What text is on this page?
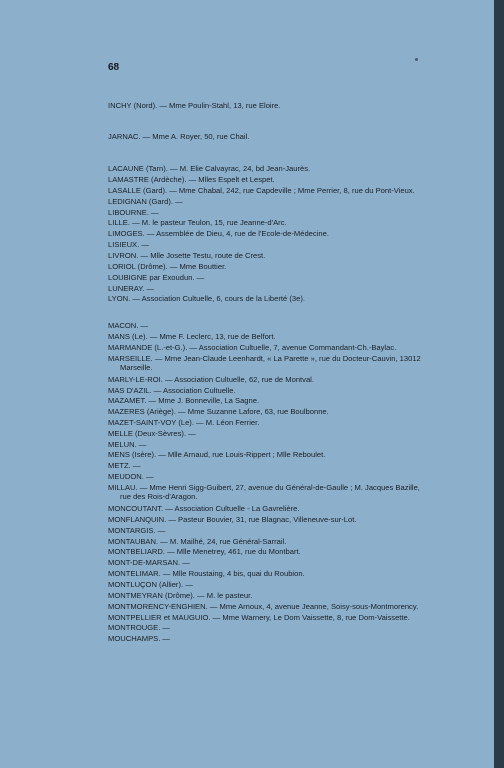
68
INCHY (Nord). — Mme Poulin-Stahl, 13, rue Eloire.
JARNAC. — Mme A. Royer, 50, rue Chail.
LACAUNE (Tarn). — M. Elie Calvayrac, 24, bd Jean-Jaurès.
LAMASTRE (Ardèche). — Mlles Espelt et Lespet.
LASALLE (Gard). — Mme Chabal, 242, rue Capdeville ; Mme Perrier, 8, rue du Pont-Vieux.
LEDIGNAN (Gard). —
LIBOURNE. —
LILLE. — M. le pasteur Teulon, 15, rue Jeanne-d'Arc.
LIMOGES. — Assemblée de Dieu, 4, rue de l'Ecole-de-Médecine.
LISIEUX. —
LIVRON. — Mlle Josette Testu, route de Crest.
LORIOL (Drôme). — Mme Bouttier.
LOUBIGNE par Exoudun. —
LUNERAY. —
LYON. — Association Cultuelle, 6, cours de la Liberté (3e).
MACON. —
MANS (Le). — Mme F. Leclerc, 13, rue de Belfort.
MARMANDE (L.-et-G.). — Association Cultuelle, 7, avenue Commandant-Ch.-Baylac.
MARSEILLE. — Mme Jean-Claude Leenhardt, « La Parette », rue du Docteur-Cauvin, 13012
Marseille.
MARLY-LE-ROI. — Association Cultuelle, 62, rue de Montval.
MAS D'AZIL. — Association Cultuelle.
MAZAMET. — Mme J. Bonneville, La Sagne.
MAZERES (Ariège). — Mme Suzanne Lafore, 63, rue Boulbonne.
MAZET-SAINT-VOY (Le). — M. Léon Ferrier.
MELLE (Deux-Sèvres). —
MELUN. —
MENS (Isère). — Mlle Arnaud, rue Louis-Rippert ; Mlle Reboulet.
METZ. —
MEUDON. —
MILLAU. — Mme Henri Sigg-Guibert, 27, avenue du Général-de-Gaulle ; M. Jacques Bazille,
rue des Rois-d'Aragon.
MONCOUTANT. — Association Cultuelle - La Gavrelière.
MONFLANQUIN. — Pasteur Bouvier, 31, rue Blagnac, Villeneuve-sur-Lot.
MONTARGIS. —
MONTAUBAN. — M. Mailhé, 24, rue Général-Sarrail.
MONTBELIARD. — Mlle Menetrey, 461, rue du Montbart.
MONT-DE-MARSAN. —
MONTELIMAR. — Mlle Roustaing, 4 bis, quai du Roubion.
MONTLUÇON (Allier). —
MONTMEYRAN (Drôme). — M. le pasteur.
MONTMORENCY-ENGHIEN. — Mme Arnoux, 4, avenue Jeanne, Soisy-sous-Montmorency.
MONTPELLIER et MAUGUIO. — Mme Warnery, Le Dom Vaissette, 8, rue Dom-Vaissette.
MONTROUGE. —
MOUCHAMPS. —
